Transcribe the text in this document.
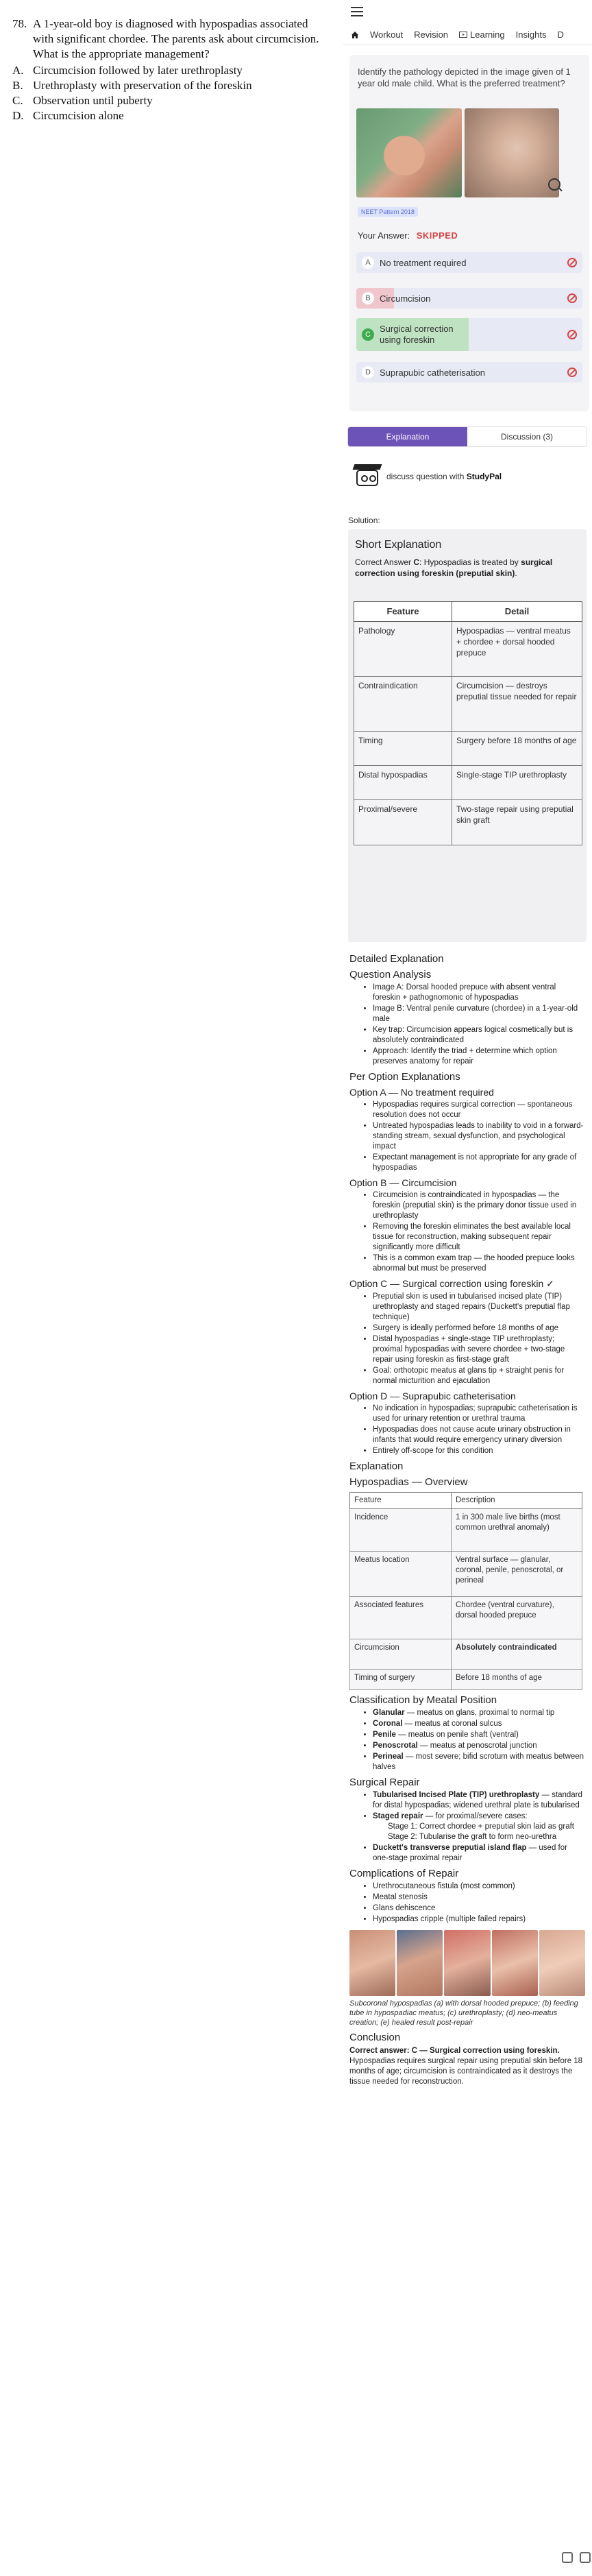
78. A 1-year-old boy is diagnosed with hypospadias associated with significant chordee. The parents ask about circumcision. What is the appropriate management?
A. Circumcision followed by later urethroplasty
B. Urethroplasty with preservation of the foreskin
C. Observation until puberty
D. Circumcision alone
Workout	Revision	Learning	Insights	D
Identify the pathology depicted in the image given of 1 year old male child. What is the preferred treatment?
NEET Pattern 2018
Your Answer: SKIPPED
A	No treatment required
B	Circumcision
C
Surgical correction using foreskin
D	Suprapubic catheterisation
Explanation	Discussion (3)
discuss question with StudyPal
Solution:
Short Explanation
Correct Answer C: Hypospadias is treated by surgical correction using foreskin (preputial skin).
Feature	Detail
Pathology	Hypospadias — ventral meatus + chordee + dorsal hooded prepuce
Contraindication	Circumcision — destroys preputial tissue needed for repair
Timing	Surgery before 18 months of age
Distal hypospadias	Single-stage TIP urethroplasty
Proximal/severe	Two-stage repair using preputial skin graft
Detailed Explanation
Question Analysis
• Image A: Dorsal hooded prepuce with absent ventral foreskin + pathognomonic of hypospadias
• Image B: Ventral penile curvature (chordee) in a 1-year-old male
• Key trap: Circumcision appears logical cosmetically but is absolutely contraindicated
• Approach: Identify the triad + determine which option preserves anatomy for repair
Per Option Explanations
Option A — No treatment required
• Hypospadias requires surgical correction — spontaneous resolution does not occur
• Untreated hypospadias leads to inability to void in a forward-standing stream, sexual dysfunction, and psychological impact
• Expectant management is not appropriate for any grade of hypospadias
Option B — Circumcision
• Circumcision is contraindicated in hypospadias — the foreskin (preputial skin) is the primary donor tissue used in urethroplasty
• Removing the foreskin eliminates the best available local tissue for reconstruction, making subsequent repair significantly more difficult
• This is a common exam trap — the hooded prepuce looks abnormal but must be preserved
Option C — Surgical correction using foreskin ✓
• Preputial skin is used in tubularised incised plate (TIP) urethroplasty and staged repairs (Duckett's preputial flap technique)
• Surgery is ideally performed before 18 months of age
• Distal hypospadias + single-stage TIP urethroplasty; proximal hypospadias with severe chordee + two-stage repair using foreskin as first-stage graft
• Goal: orthotopic meatus at glans tip + straight penis for normal micturition and ejaculation
Option D — Suprapubic catheterisation
• No indication in hypospadias; suprapubic catheterisation is used for urinary retention or urethral trauma
• Hypospadias does not cause acute urinary obstruction in infants that would require emergency urinary diversion
• Entirely off-scope for this condition
Explanation
Hypospadias — Overview
Feature	Description
Incidence	1 in 300 male live births (most common urethral anomaly)
Meatus location	Ventral surface — glanular, coronal, penile, penoscrotal, or perineal
Associated features	Chordee (ventral curvature), dorsal hooded prepuce
Circumcision	Absolutely contraindicated
Timing of surgery	Before 18 months of age
Classification by Meatal Position
• Glanular — meatus on glans, proximal to normal tip
• Coronal — meatus at coronal sulcus
• Penile — meatus on penile shaft (ventral)
• Penoscrotal — meatus at penoscrotal junction
• Perineal — most severe; bifid scrotum with meatus between halves
Surgical Repair
• Tubularised Incised Plate (TIP) urethroplasty — standard for distal hypospadias; widened urethral plate is tubularised
• Staged repair — for proximal/severe cases:
Stage 1: Correct chordee + preputial skin laid as graft
Stage 2: Tubularise the graft to form neo-urethra
• Duckett's transverse preputial island flap — used for one-stage proximal repair
Complications of Repair
• Urethrocutaneous fistula (most common)
• Meatal stenosis
• Glans dehiscence
• Hypospadias cripple (multiple failed repairs)
Subcoronal hypospadias (a) with dorsal hooded prepuce; (b) feeding tube in hypospadiac meatus; (c) urethroplasty; (d) neo-meatus creation; (e) healed result post-repair
Conclusion
Correct answer: C — Surgical correction using foreskin. Hypospadias requires surgical repair using preputial skin before 18 months of age; circumcision is contraindicated as it destroys the tissue needed for reconstruction.
